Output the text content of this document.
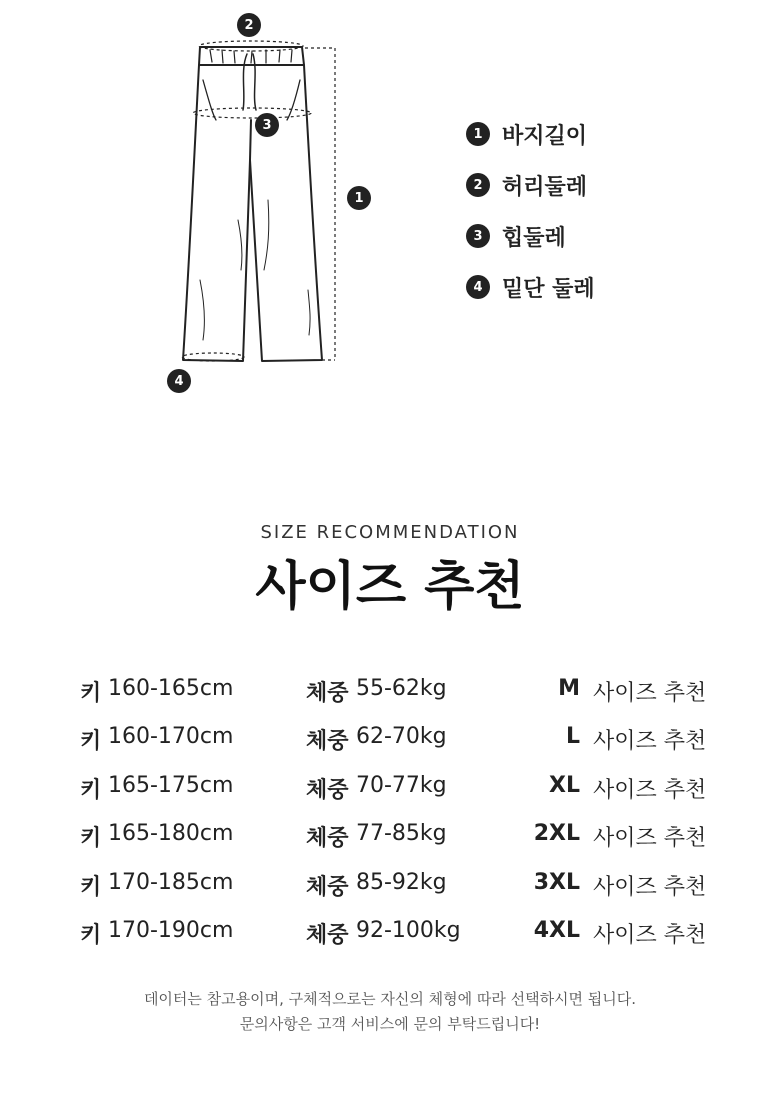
1
2
3
4
1 바지길이
2 허리둘레
3 힙둘레
4 밑단 둘레
SIZE RECOMMENDATION
사이즈 추천
키 160-165cm	체중 55-62kg	M 사이즈 추천
키 160-170cm	체중 62-70kg	L 사이즈 추천
키 165-175cm	체중 70-77kg	XL 사이즈 추천
키 165-180cm	체중 77-85kg	2XL 사이즈 추천
키 170-185cm	체중 85-92kg	3XL 사이즈 추천
키 170-190cm	체중 92-100kg	4XL 사이즈 추천
데이터는 참고용이며, 구체적으로는 자신의 체형에 따라 선택하시면 됩니다.
문의사항은 고객 서비스에 문의 부탁드립니다!
